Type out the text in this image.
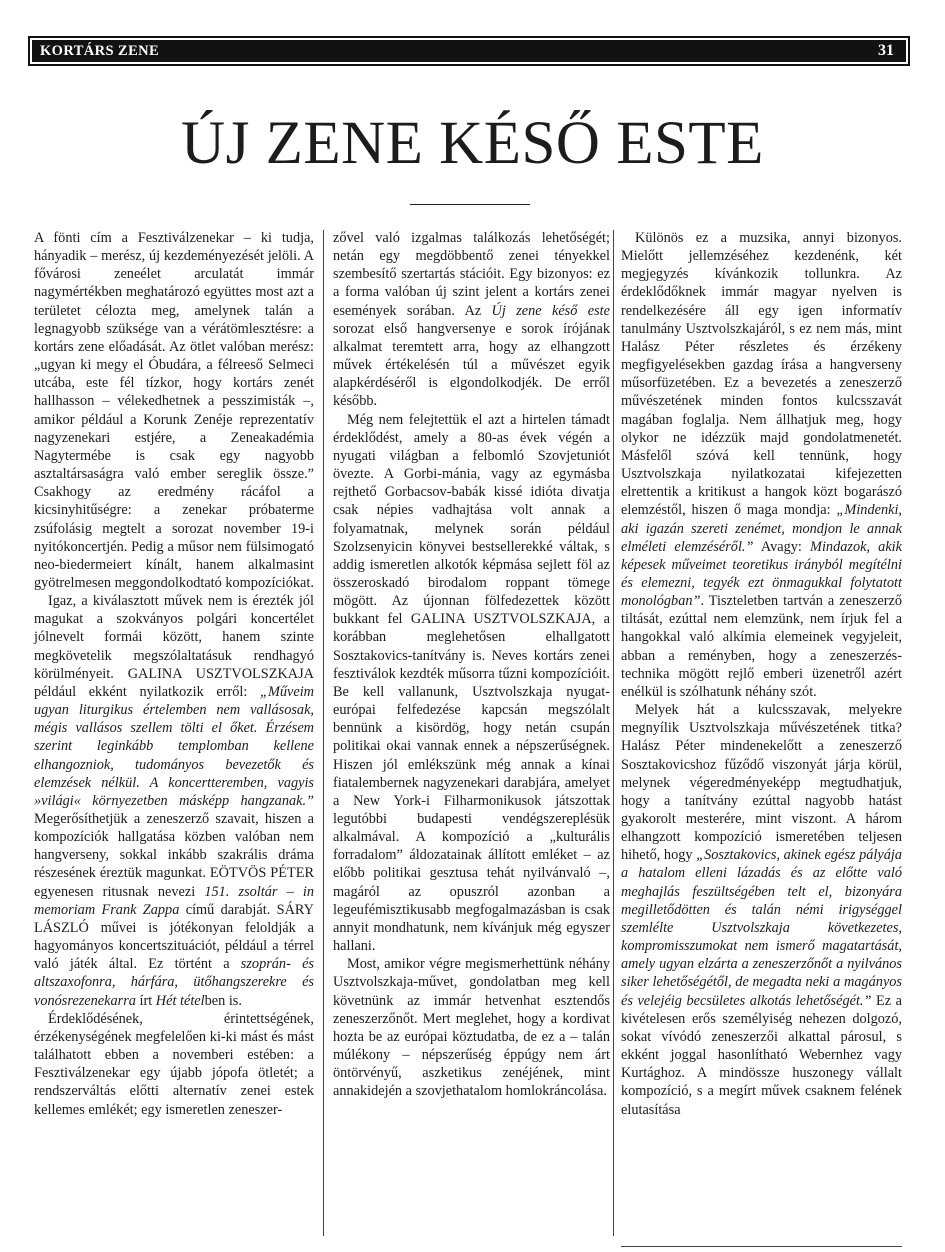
KORTÁRS ZENE	31
ÚJ ZENE KÉSŐ ESTE

A fönti cím a Fesztiválzenekar – ki tudja, hányadik – merész, új kezdeményezését jelöli. A fővárosi zeneélet arculatát immár nagymértékben meghatározó együttes most azt a területet célozta meg, amelynek talán a legnagyobb szüksége van a vérátömlesztésre: a kortárs zene előadását. Az ötlet valóban merész: „ugyan ki megy el Óbudára, a félreeső Selmeci utcába, este fél tízkor, hogy kortárs zenét hallhasson – vélekedhetnek a pesszimisták –, amikor például a Korunk Zenéje reprezentatív nagyzenekari estjére, a Zeneakadémia Nagytermébe is csak egy nagyobb asztaltársaságra való ember sereglik össze.” Csakhogy az eredmény rácáfol a kicsinyhitűségre: a zenekar próbaterme zsúfolásig megtelt a sorozat november 19-i nyitókoncertjén. Pedig a műsor nem fülsimogató neo-biedermeiert kínált, hanem alkalmasint gyötrelmesen meggondolkodtató kompozíciókat.

Igaz, a kiválasztott művek nem is érezték jól magukat a szokványos polgári koncertélet jólnevelt formái között, hanem szinte megkövetelik megszólaltatásuk rendhagyó körülményeit. GALINA USZTVOLSZKAJA például ekként nyilatkozik erről: „Műveim ugyan liturgikus értelemben nem vallásosak, mégis vallásos szellem tölti el őket. Érzésem szerint leginkább templomban kellene elhangozniok, tudományos bevezetők és elemzések nélkül. A koncertteremben, vagyis »világi« környezetben másképp hangzanak.” Megerősíthetjük a zeneszerző szavait, hiszen a kompozíciók hallgatása közben valóban nem hangverseny, sokkal inkább szakrális dráma részesének éreztük magunkat. EÖTVÖS PÉTER egyenesen ritusnak nevezi 151. zsoltár – in memoriam Frank Zappa című darabját. SÁRY LÁSZLÓ művei is jótékonyan feloldják a hagyományos koncertszituációt, például a térrel való játék által. Ez történt a szoprán- és altszaxofonra, hárfára, ütőhangszerekre és vonósrezenekarra írt Hét tételben is.

Érdeklődésének, érintettségének, érzékenységének megfelelően ki-ki mást és mást találhatott ebben a novemberi estében: a Fesztiválzenekar egy újabb jópofa ötletét; a rendszerváltás előtti alternatív zenei estek kellemes emlékét; egy ismeretlen zeneszer-

zővel való izgalmas találkozás lehetőségét; netán egy megdöbbentő zenei tényekkel szembesítő szertartás stációit. Egy bizonyos: ez a forma valóban új szint jelent a kortárs zenei események sorában. Az Új zene késő este sorozat első hangversenye e sorok írójának alkalmat teremtett arra, hogy az elhangzott művek értékelésén túl a művészet egyik alapkérdéséről is elgondolkodjék. De erről később.

Még nem felejtettük el azt a hirtelen támadt érdeklődést, amely a 80-as évek végén a nyugati világban a felbomló Szovjetuniót övezte. A Gorbi-mánia, vagy az egymásba rejthető Gorbacsov-babák kissé idióta divatja csak népies vadhajtása volt annak a folyamatnak, melynek során például Szolzsenyicin könyvei bestsellerekké váltak, s addig ismeretlen alkotók képmása sejlett föl az összeroskadó birodalom roppant tömege mögött. Az újonnan fölfedezettek között bukkant fel GALINA USZTVOLSZKAJA, a korábban meglehetősen elhallgatott Sosztakovics-tanítvány is. Neves kortárs zenei fesztiválok kezdték műsorra tűzni kompozícióit. Be kell vallanunk, Usztvolszkaja nyugat-európai felfedezése kapcsán megszólalt bennünk a kisördög, hogy netán csupán politikai okai vannak ennek a népszerűségnek. Hiszen jól emlékszünk még annak a kínai fiatalembernek nagyzenekari darabjára, amelyet a New York-i Filharmonikusok játszottak legutóbbi budapesti vendégszereplésük alkalmával. A kompozíció a „kulturális forradalom” áldozatainak állított emléket – az előbb politikai gesztusa tehát nyilvánvaló –, magáról az opuszról azonban a legeufémisztikusabb megfogalmazásban is csak annyit mondhatunk, nem kívánjuk még egyszer hallani.

Most, amikor végre megismerhettünk néhány Usztvolszkaja-művet, gondolatban meg kell követnünk az immár hetvenhat esztendős zeneszerzőnőt. Mert meglehet, hogy a kordivat hozta be az európai köztudatba, de ez a – talán múlékony – népszerűség éppúgy nem árt öntörvényű, aszketikus zenéjének, mint annakidején a szovjethatalom homlokráncolása.

Különös ez a muzsika, annyi bizonyos. Mielőtt jellemzéséhez kezdenénk, két megjegyzés kívánkozik tollunkra. Az érdeklődőknek immár magyar nyelven is rendelkezésére áll egy igen informatív tanulmány Usztvolszkajáról, s ez nem más, mint Halász Péter részletes és érzékeny megfigyelésekben gazdag írása a hangverseny műsorfüzetében. Ez a bevezetés a zeneszerző művészetének minden fontos kulcsszavát magában foglalja. Nem állhatjuk meg, hogy olykor ne idézzük majd gondolatmenetét. Másfelől szóvá kell tennünk, hogy Usztvolszkaja nyilatkozatai kifejezetten elrettentik a kritikust a hangok közt bogarászó elemzéstől, hiszen ő maga mondja: „Mindenki, aki igazán szereti zenémet, mondjon le annak elméleti elemzéséről.” Avagy: Mindazok, akik képesek műveimet teoretikus irányból megítélni és elemezni, tegyék ezt önmagukkal folytatott monológban”. Tiszteletben tartván a zeneszerző tiltását, ezúttal nem elemzünk, nem írjuk fel a hangokkal való alkímia elemeinek vegyjeleit, abban a reményben, hogy a zeneszerzés-technika mögött rejlő emberi üzenetről azért enélkül is szólhatunk néhány szót.

Melyek hát a kulcsszavak, melyekre megnyílik Usztvolszkaja művészetének titka? Halász Péter mindenekelőtt a zeneszerző Sosztakovicshoz fűződő viszonyát járja körül, melynek végeredményeképp megtudhatjuk, hogy a tanítvány ezúttal nagyobb hatást gyakorolt mesterére, mint viszont. A három elhangzott kompozíció ismeretében teljesen hihető, hogy „Sosztakovics, akinek egész pályája a hatalom elleni lázadás és az előtte való meghajlás feszültségében telt el, bizonyára megilletődötten és talán némi irigységgel szemlélte Usztvolszkaja következetes, kompromisszumokat nem ismerő magatartását, amely ugyan elzárta a zeneszerzőnőt a nyilvános siker lehetőségétől, de megadta neki a magányos és velejéig becsületes alkotás lehetőségét.” Ez a kivételesen erős személyiség nehezen dolgozó, sokat vívódó zeneszerzői alkattal párosul, s ekként joggal hasonlítható Webernhez vagy Kurtághoz. A mindössze huszonegy vállalt kompozíció, s a megírt művek csaknem felének elutasítása
